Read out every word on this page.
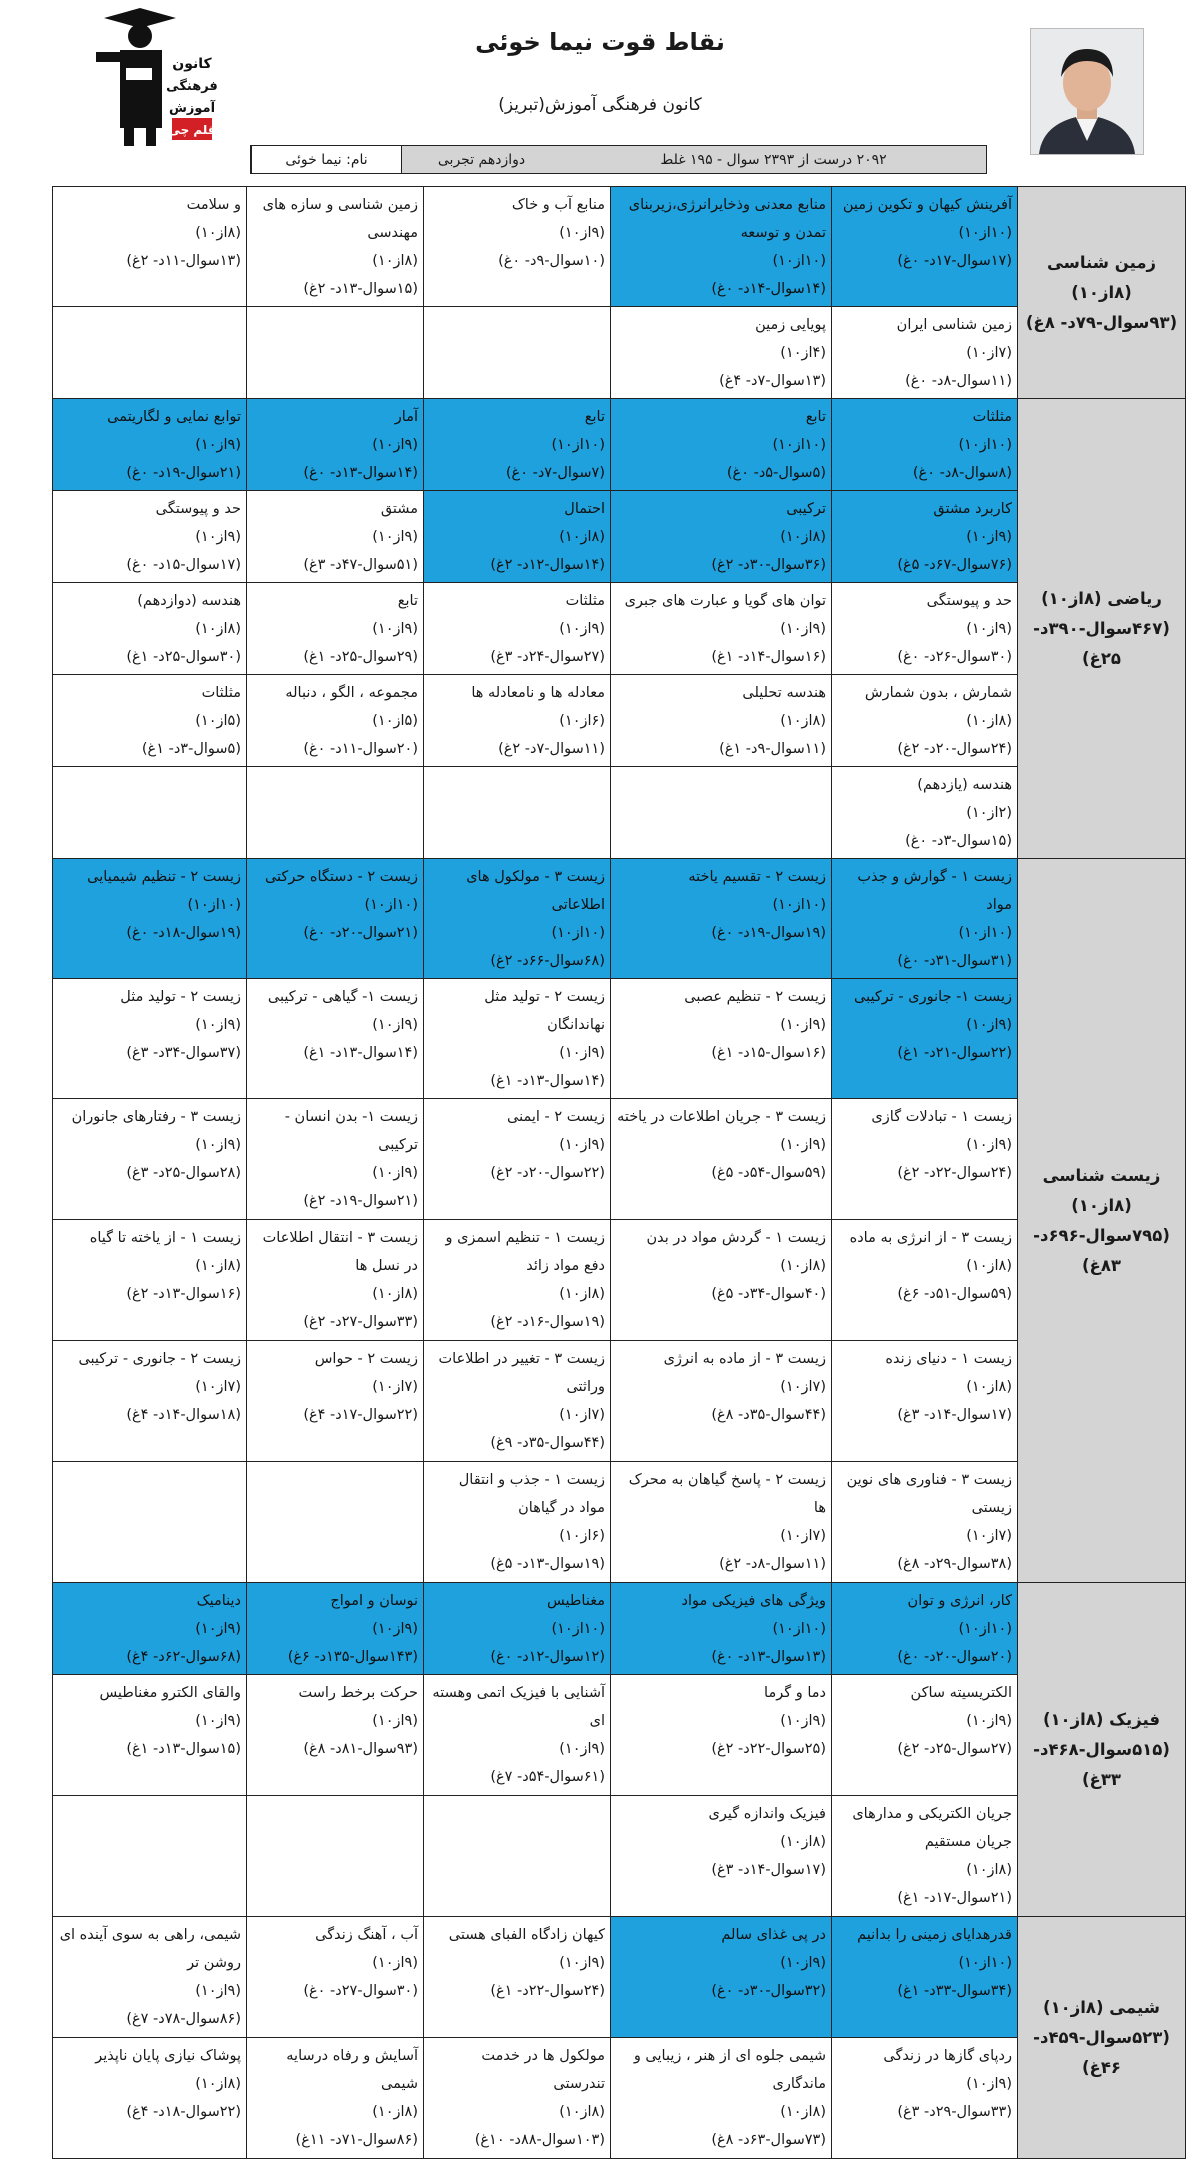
کانون
فرهنگی
آموزش
قلم چی
نقاط قوت نیما خوئی
کانون فرهنگی آموزش(تبریز)
نام: نیما خوئی	دوازدهم تجربی	۲۰۹۲ درست از ۲۳۹۳ سوال - ۱۹۵ غلط
زمین شناسی (۸از۱۰) (۹۳سوال-۷۹د- ۸غ)	آفرینش کیهان و تکوین زمین
(۱۰از۱۰)
(۱۷سوال-۱۷د- ۰غ)	منابع معدنی وذخایرانرژی،زیربنای تمدن و توسعه
(۱۰از۱۰)
(۱۴سوال-۱۴د- ۰غ)	منابع آب و خاک
(۹از۱۰)
(۱۰سوال-۹د- ۰غ)	زمین شناسی و سازه های مهندسی
(۸از۱۰)
(۱۵سوال-۱۳د- ۲غ)	و سلامت
(۸از۱۰)
(۱۳سوال-۱۱د- ۲غ)

	زمین شناسی ایران
(۷از۱۰)
(۱۱سوال-۸د- ۰غ)	پویایی زمین
(۴از۱۰)
(۱۳سوال-۷د- ۴غ)			

ریاضی (۸از۱۰) (۴۶۷سوال-۳۹۰د- ۲۵غ)	مثلثات
(۱۰از۱۰)
(۸سوال-۸د- ۰غ)	تابع
(۱۰از۱۰)
(۵سوال-۵د- ۰غ)	تابع
(۱۰از۱۰)
(۷سوال-۷د- ۰غ)	آمار
(۹از۱۰)
(۱۴سوال-۱۳د- ۰غ)	توابع نمایی و لگاریتمی
(۹از۱۰)
(۲۱سوال-۱۹د- ۰غ)

	کاربرد مشتق
(۹از۱۰)
(۷۶سوال-۶۷د- ۵غ)	ترکیبی
(۸از۱۰)
(۳۶سوال-۳۰د- ۲غ)	احتمال
(۸از۱۰)
(۱۴سوال-۱۲د- ۲غ)	مشتق
(۹از۱۰)
(۵۱سوال-۴۷د- ۳غ)	حد و پیوستگی
(۹از۱۰)
(۱۷سوال-۱۵د- ۰غ)

	حد و پیوستگی
(۹از۱۰)
(۳۰سوال-۲۶د- ۰غ)	توان های گویا و عبارت های جبری
(۹از۱۰)
(۱۶سوال-۱۴د- ۱غ)	مثلثات
(۹از۱۰)
(۲۷سوال-۲۴د- ۳غ)	تابع
(۹از۱۰)
(۲۹سوال-۲۵د- ۱غ)	هندسه (دوازدهم)
(۸از۱۰)
(۳۰سوال-۲۵د- ۱غ)

	شمارش ، بدون شمارش
(۸از۱۰)
(۲۴سوال-۲۰د- ۲غ)	هندسه تحلیلی
(۸از۱۰)
(۱۱سوال-۹د- ۱غ)	معادله ها و نامعادله ها
(۶از۱۰)
(۱۱سوال-۷د- ۲غ)	مجموعه ، الگو ، دنباله
(۵از۱۰)
(۲۰سوال-۱۱د- ۰غ)	مثلثات
(۵از۱۰)
(۵سوال-۳د- ۱غ)

	هندسه (یازدهم)
(۲از۱۰)
(۱۵سوال-۳د- ۰غ)				

زیست شناسی (۸از۱۰) (۷۹۵سوال-۶۹۶د- ۸۳غ)	زیست ۱ - گوارش و جذب مواد
(۱۰از۱۰)
(۳۱سوال-۳۱د- ۰غ)	زیست ۲ - تقسیم یاخته
(۱۰از۱۰)
(۱۹سوال-۱۹د- ۰غ)	زیست ۳ - مولکول های اطلاعاتی
(۱۰از۱۰)
(۶۸سوال-۶۶د- ۲غ)	زیست ۲ - دستگاه حرکتی
(۱۰از۱۰)
(۲۱سوال-۲۰د- ۰غ)	زیست ۲ - تنظیم شیمیایی
(۱۰از۱۰)
(۱۹سوال-۱۸د- ۰غ)

	زیست ۱- جانوری - ترکیبی
(۹از۱۰)
(۲۲سوال-۲۱د- ۱غ)	زیست ۲ - تنظیم عصبی
(۹از۱۰)
(۱۶سوال-۱۵د- ۱غ)	زیست ۲ - تولید مثل نهاندانگان
(۹از۱۰)
(۱۴سوال-۱۳د- ۱غ)	زیست ۱- گیاهی - ترکیبی
(۹از۱۰)
(۱۴سوال-۱۳د- ۱غ)	زیست ۲ - تولید مثل
(۹از۱۰)
(۳۷سوال-۳۴د- ۳غ)

	زیست ۱ - تبادلات گازی
(۹از۱۰)
(۲۴سوال-۲۲د- ۲غ)	زیست ۳ - جریان اطلاعات در یاخته
(۹از۱۰)
(۵۹سوال-۵۴د- ۵غ)	زیست ۲ - ایمنی
(۹از۱۰)
(۲۲سوال-۲۰د- ۲غ)	زیست ۱- بدن انسان - ترکیبی
(۹از۱۰)
(۲۱سوال-۱۹د- ۲غ)	زیست ۳ - رفتارهای جانوران
(۹از۱۰)
(۲۸سوال-۲۵د- ۳غ)

	زیست ۳ - از انرژی به ماده
(۸از۱۰)
(۵۹سوال-۵۱د- ۶غ)	زیست ۱ - گردش مواد در بدن
(۸از۱۰)
(۴۰سوال-۳۴د- ۵غ)	زیست ۱ - تنظیم اسمزی و دفع مواد زائد
(۸از۱۰)
(۱۹سوال-۱۶د- ۲غ)	زیست ۳ - انتقال اطلاعات در نسل ها
(۸از۱۰)
(۳۳سوال-۲۷د- ۲غ)	زیست ۱ - از یاخته تا گیاه
(۸از۱۰)
(۱۶سوال-۱۳د- ۲غ)

	زیست ۱ - دنیای زنده
(۸از۱۰)
(۱۷سوال-۱۴د- ۳غ)	زیست ۳ - از ماده به انرژی
(۷از۱۰)
(۴۴سوال-۳۵د- ۸غ)	زیست ۳ - تغییر در اطلاعات وراثتی
(۷از۱۰)
(۴۴سوال-۳۵د- ۹غ)	زیست ۲ - حواس
(۷از۱۰)
(۲۲سوال-۱۷د- ۴غ)	زیست ۲ - جانوری - ترکیبی
(۷از۱۰)
(۱۸سوال-۱۴د- ۴غ)

	زیست ۳ - فناوری های نوین زیستی
(۷از۱۰)
(۳۸سوال-۲۹د- ۸غ)	زیست ۲ - پاسخ گیاهان به محرک ها
(۷از۱۰)
(۱۱سوال-۸د- ۲غ)	زیست ۱ - جذب و انتقال مواد در گیاهان
(۶از۱۰)
(۱۹سوال-۱۳د- ۵غ)		

فیزیک (۸از۱۰) (۵۱۵سوال-۴۶۸د- ۳۳غ)	کار، انرژی و توان
(۱۰از۱۰)
(۲۰سوال-۲۰د- ۰غ)	ویژگی های فیزیکی مواد
(۱۰از۱۰)
(۱۳سوال-۱۳د- ۰غ)	مغناطیس
(۱۰از۱۰)
(۱۲سوال-۱۲د- ۰غ)	نوسان و امواج
(۹از۱۰)
(۱۴۳سوال-۱۳۵د- ۶غ)	دینامیک
(۹از۱۰)
(۶۸سوال-۶۲د- ۴غ)

	الکتریسیته ساکن
(۹از۱۰)
(۲۷سوال-۲۵د- ۲غ)	دما و گرما
(۹از۱۰)
(۲۵سوال-۲۲د- ۲غ)	آشنایی با فیزیک اتمی وهسته ای
(۹از۱۰)
(۶۱سوال-۵۴د- ۷غ)	حرکت برخط راست
(۹از۱۰)
(۹۳سوال-۸۱د- ۸غ)	والقای الکترو مغناطیس
(۹از۱۰)
(۱۵سوال-۱۳د- ۱غ)

	جریان الکتریکی و مدارهای جریان مستقیم
(۸از۱۰)
(۲۱سوال-۱۷د- ۱غ)	فیزیک واندازه گیری
(۸از۱۰)
(۱۷سوال-۱۴د- ۳غ)			

شیمی (۸از۱۰) (۵۲۳سوال-۴۵۹د- ۴۶غ)	قدرهدایای زمینی را بدانیم
(۱۰از۱۰)
(۳۴سوال-۳۳د- ۱غ)	در پی غذای سالم
(۹از۱۰)
(۳۲سوال-۳۰د- ۰غ)	کیهان زادگاه الفبای هستی
(۹از۱۰)
(۲۴سوال-۲۲د- ۱غ)	آب ، آهنگ زندگی
(۹از۱۰)
(۳۰سوال-۲۷د- ۰غ)	شیمی، راهی به سوی آینده ای روشن تر
(۹از۱۰)
(۸۶سوال-۷۸د- ۷غ)

	ردپای گازها در زندگی
(۹از۱۰)
(۳۳سوال-۲۹د- ۳غ)	شیمی جلوه ای از هنر ، زیبایی و ماندگاری
(۸از۱۰)
(۷۳سوال-۶۳د- ۸غ)	مولکول ها در خدمت تندرستی
(۸از۱۰)
(۱۰۳سوال-۸۸د- ۱۰غ)	آسایش و رفاه درسایه شیمی
(۸از۱۰)
(۸۶سوال-۷۱د- ۱۱غ)	پوشاک نیازی پایان ناپذیر
(۸از۱۰)
(۲۲سوال-۱۸د- ۴غ)
